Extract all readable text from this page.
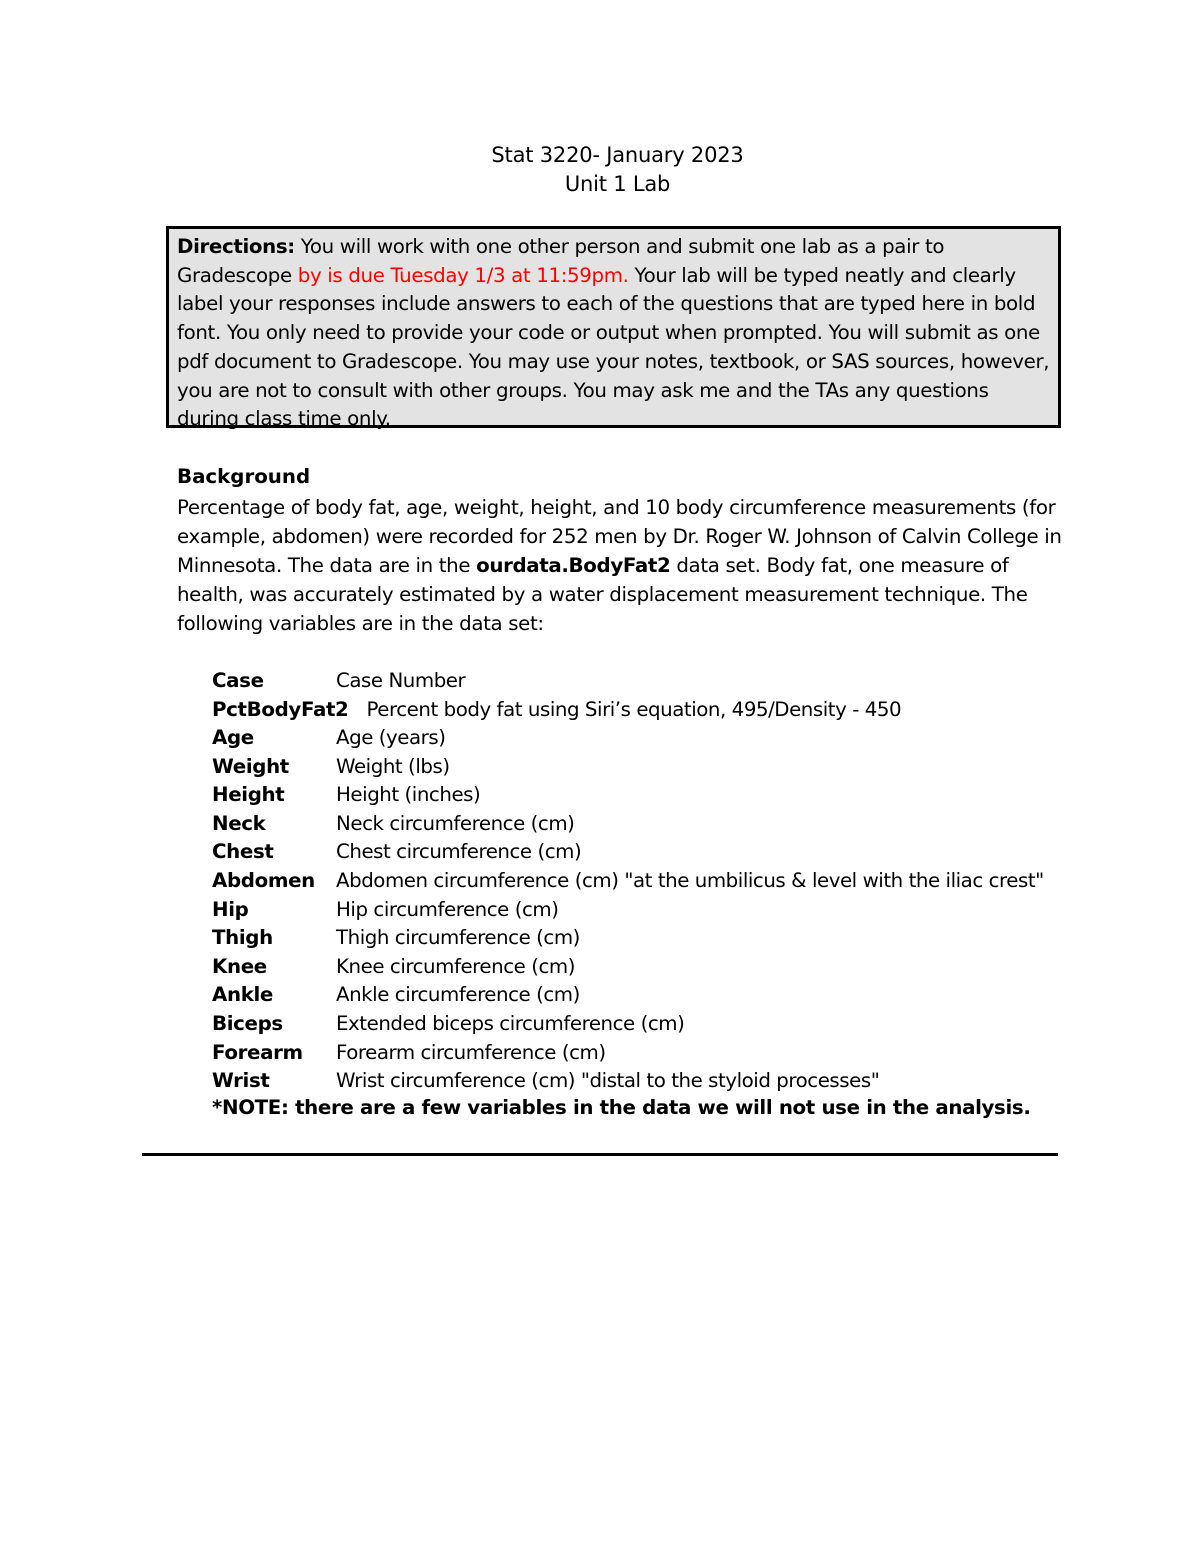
Stat 3220- January 2023
Unit 1 Lab
Directions: You will work with one other person and submit one lab as a pair to Gradescope by is due Tuesday 1/3 at 11:59pm. Your lab will be typed neatly and clearly label your responses include answers to each of the questions that are typed here in bold font. You only need to provide your code or output when prompted. You will submit as one pdf document to Gradescope. You may use your notes, textbook, or SAS sources, however, you are not to consult with other groups. You may ask me and the TAs any questions during class time only.
Background
Percentage of body fat, age, weight, height, and 10 body circumference measurements (for example, abdomen) were recorded for 252 men by Dr. Roger W. Johnson of Calvin College in Minnesota. The data are in the ourdata.BodyFat2 data set. Body fat, one measure of health, was accurately estimated by a water displacement measurement technique. The following variables are in the data set:
Case	Case Number
PctBodyFat2 Percent body fat using Siri’s equation, 495/Density - 450	
Age	Age (years)
Weight	Weight (lbs)
Height	Height (inches)
Neck	Neck circumference (cm)
Chest	Chest circumference (cm)
Abdomen	Abdomen circumference (cm) "at the umbilicus & level with the iliac crest"
Hip	Hip circumference (cm)
Thigh	Thigh circumference (cm)
Knee	Knee circumference (cm)
Ankle	Ankle circumference (cm)
Biceps	Extended biceps circumference (cm)
Forearm	Forearm circumference (cm)
Wrist	Wrist circumference (cm) "distal to the styloid processes"
*NOTE: there are a few variables in the data we will not use in the analysis.
